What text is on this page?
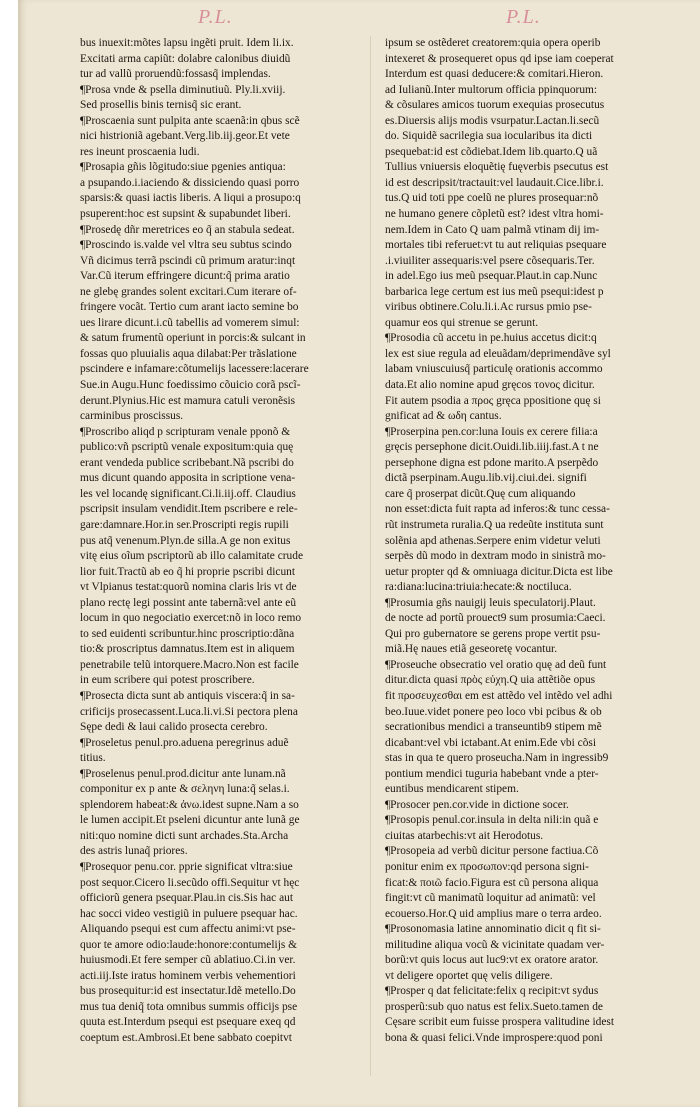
P.L.	P.L.

bus inuexit:mõtes lapsu ingẽti pruit. Idem li.ix.
Excitati arma capiũt: dolabre calonibus diuidũ
tur ad vallũ proruendũ:fossasq̃ implendas.

¶Prosa vnde & psella diminutiuũ. Ply.li.xviij.
Sed prosellis binis ternisq̃ sic erant.

¶Proscaenia sunt pulpita ante scaenã:in qbus scẽ
nici histrioniã agebant.Verg.lib.iij.geor.Et vete
res ineunt proscaenia ludi.

¶Prosapia gñis lõgitudo:siue pgenies antiqua:
a psupando.i.iaciendo & dissiciendo quasi porro
sparsis:& quasi iactis liberis. A liqui a prosupo:q
psuperent:hoc est supsint & supabundet liberi.

¶Prosedę dñr meretrices eo q̃ an stabula sedeat.

¶Proscindo is.valde vel vltra seu subtus scindo
Vñ dicimus terrã pscindi cũ primum aratur:inqt
Var.Cũ iterum effringere dicunt:q̃ prima aratio
ne glebę grandes solent excitari.Cum iterare of-
fringere vocãt. Tertio cum arant iacto semine bo
ues lirare dicunt.i.cũ tabellis ad vomerem simul:
& satum frumentũ operiunt in porcis:& sulcant in
fossas quo pluuialis aqua dilabat:Per trãslatione
pscindere e infamare:cõtumelijs lacessere:lacerare
Sue.in Augu.Hunc foedissimo cõuicio corã pscĩ-
derunt.Plynius.Hic est mamura catuli veronẽsis
carminibus proscissus.

¶Proscribo aliqd p scripturam venale pponõ &
publico:vñ pscriptũ venale expositum:quia quę
erant vendeda publice scribebant.Nã pscribi do
mus dicunt quando apposita in scriptione vena-
les vel locandę significant.Ci.li.iij.off. Claudius
pscripsit insulam vendidit.Item pscribere e rele-
gare:damnare.Hor.in ser.Proscripti regis rupili
pus atq̃ venenum.Plyn.de silla.A ge non exitus
vitę eius oĩum pscriptorũ ab illo calamitate crude
lior fuit.Tractũ ab eo q̃ hi proprie pscribi dicunt
vt Vlpianus testat:quorũ nomina claris lris vt de
plano rectę legi possint ante tabernã:vel ante eũ
locum in quo negociatio exercet:nõ in loco remo
to sed euidenti scribuntur.hinc proscriptio:dãna
tio:& proscriptus damnatus.Item est in aliquem
penetrabile telũ intorquere.Macro.Non est facile
in eum scribere qui potest proscribere.

¶Prosecta dicta sunt ab antiquis viscera:q̃ in sa-
crificijs prosecassent.Luca.li.vi.Si pectora plena
Sępe dedi & laui calido prosecta cerebro.

¶Proseletus penul.pro.aduena peregrinus aduẽ
titius.

¶Proselenus penul.prod.dicitur ante lunam.nã
componitur ex p ante & σεληνη luna:q̃ selas.i.
splendorem habeat:& ἀνω.idest supne.Nam a so
le lumen accipit.Et pseleni dicuntur ante lunã ge
niti:quo nomine dicti sunt archades.Sta.Archa
des astris lunaq̃ priores.

¶Prosequor penu.cor. pprie significat vltra:siue
post sequor.Cicero li.secũdo offi.Sequitur vt hęc
officiorũ genera psequar.Plau.in cis.Sis hac aut
hac socci video vestigiũ in puluere psequar hac.
Aliquando psequi est cum affectu animi:vt pse-
quor te amore odio:laude:honore:contumelijs &
huiusmodi.Et fere semper cũ ablatiuo.Ci.in ver.
acti.iij.Iste iratus hominem verbis vehementiori
bus prosequitur:id est insectatur.Idẽ metello.Do
mus tua deniq̃ tota omnibus summis officijs pse
quuta est.Interdum psequi est psequare exeq qd
coeptum est.Ambrosi.Et bene sabbato coepitvt

ipsum se ostẽderet creatorem:quia opera operib
intexeret & prosequeret opus qd ipse iam coeperat
Interdum est quasi deducere:& comitari.Hieron.
ad Iulianũ.Inter multorum officia ppinquorum:
& cõsulares amicos tuorum exequias prosecutus
es.Diuersis alijs modis vsurpatur.Lactan.li.secũ
do. Siquidẽ sacrilegia sua iocularibus ita dicti
psequebat:id est cõdiebat.Idem lib.quarto.Q uã
Tullius vniuersis eloquẽtię fuęverbis psecutus est
id est descripsit/tractauit:vel laudauit.Cice.libr.i.
tus.Q uid toti ppe coelũ ne plures prosequar:nõ
ne humano genere cõpletũ est? idest vltra homi-
nem.Idem in Cato Q uam palmã vtinam dij im-
mortales tibi referuet:vt tu aut reliquias psequare
.i.viuiliter assequaris:vel psere cõsequaris.Ter.
in adel.Ego ius meũ psequar.Plaut.in cap.Nunc
barbarica lege certum est ius meũ psequi:idest p
viribus obtinere.Colu.li.i.Ac rursus pmio pse-
quamur eos qui strenue se gerunt.

¶Prosodia cũ accetu in pe.huius accetus dicit:q
lex est siue regula ad eleuãdam/deprimendãve syl
labam vniuscuiusq̃ particulę orationis accommo
data.Et alio nomine apud gręcos τονος dicitur.
Fit autem psodia a προς gręca ppositione quę si
gnificat ad & ωδη cantus.

¶Proserpina pen.cor:luna Iouis ex cerere filia:a
gręcis persephone dicit.Ouidi.lib.iiij.fast.A t ne
persephone digna est pdone marito.A pserpẽdo
dictã pserpinam.Augu.lib.vij.ciui.dei. signifi
care q̃ proserpat dicũt.Quę cum aliquando
non esset:dicta fuit rapta ad inferos:& tunc cessa-
rũt instrumeta ruralia.Q ua redeũte instituta sunt
solẽnia apd athenas.Serpere enim videtur veluti
serpẽs dũ modo in dextram modo in sinistrã mo-
uetur propter qd & omniuaga dicitur.Dicta est libe
ra:diana:lucina:triuia:hecate:& noctiluca.

¶Prosumia gñs nauigij leuis speculatorij.Plaut.
de nocte ad portũ prouect9 sum prosumia:Caeci.
Qui pro gubernatore se gerens prope vertit psu-
miã.Hę naues etiã geseoretę vocantur.

¶Proseuche obsecratio vel oratio quę ad deũ funt
ditur.dicta quasi πρὸς εὐχη.Q uia attẽtiõe opus
fit προσευχεσθαι em est attẽdo vel intẽdo vel adhi
beo.Iuue.videt ponere peo loco vbi pcibus & ob
secrationibus mendici a transeuntib9 stipem mẽ
dicabant:vel vbi ictabant.At enim.Ede vbi cõsi
stas in qua te quero proseucha.Nam in ingressib9
pontium mendici tuguria habebant vnde a pter-
euntibus mendicarent stipem.

¶Prosocer pen.cor.vide in dictione socer.

¶Prosopis penul.cor.insula in delta nili:in quã e
ciuitas atarbechis:vt ait Herodotus.

¶Prosopeia ad verbũ dicitur persone factiua.Cõ
ponitur enim ex προσωπον:qd persona signi-
ficat:& ποιῶ facio.Figura est cũ persona aliqua
fingit:vt cũ manimatũ loquitur ad animatũ: vel
ecouerso.Hor.Q uid amplius mare o terra ardeo.

¶Prosonomasia latine annominatio dicit q fit si-
militudine aliqua vocũ & vicinitate quadam ver-
borũ:vt quis locus aut luc9:vt ex oratore arator.
vt deligere oportet quę velis diligere.

¶Prosper q dat felicitate:felix q recipit:vt sydus
prosperũ:sub quo natus est felix.Sueto.tamen de
Cęsare scribit eum fuisse prospera valitudine idest
bona & quasi felici.Vnde improspere:quod poni
